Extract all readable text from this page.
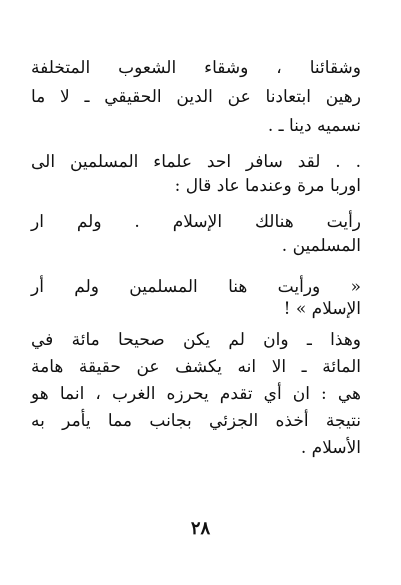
وشقائنا ، وشقاء الشعوب المتخلفة
رهين ابتعادنا عن الدين الحقيقي ـ لا ما
نسميه دينا ـ .
. . لقد سافر احد علماء المسلمين الى
اوربا مرة وعندما عاد قال :
رأيت هنالك الإسلام . ولم ار
المسلمين .
« ورأيت هنا المسلمين ولم أر
الإسلام » !
وهذا ـ وان لم يكن صحيحا مائة في
المائة ـ الا انه يكشف عن حقيقة هامة
هي : ان أي تقدم يحرزه الغرب ، انما هو
نتيجة أخذه الجزئي بجانب مما يأمر به
الأسلام .
٢٨
